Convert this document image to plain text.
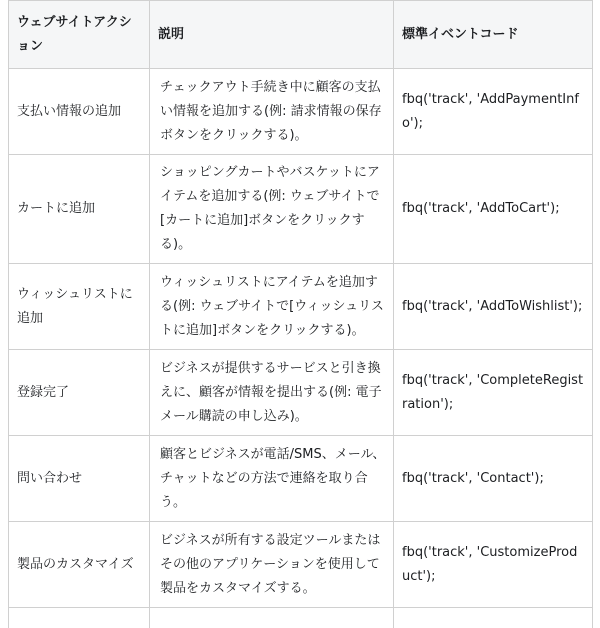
ウェブサイトアクション	説明	標準イベントコード

支払い情報の追加	チェックアウト手続き中に顧客の支払い情報を追加する(例: 請求情報の保存ボタンをクリックする)。	fbq('track', 'AddPaymentInfo');

カートに追加	ショッピングカートやバスケットにアイテムを追加する(例: ウェブサイトで[カートに追加]ボタンをクリックする)。	fbq('track', 'AddToCart');

ウィッシュリストに追加	ウィッシュリストにアイテムを追加する(例: ウェブサイトで[ウィッシュリストに追加]ボタンをクリックする)。	fbq('track', 'AddToWishlist');

登録完了	ビジネスが提供するサービスと引き換えに、顧客が情報を提出する(例: 電子メール購読の申し込み)。	fbq('track', 'CompleteRegistration');

問い合わせ	顧客とビジネスが電話/SMS、メール、チャットなどの方法で連絡を取り合う。	fbq('track', 'Contact');

製品のカスタマイズ	ビジネスが所有する設定ツールまたはその他のアプリケーションを使用して製品をカスタマイズする。	fbq('track', 'CustomizeProduct');
